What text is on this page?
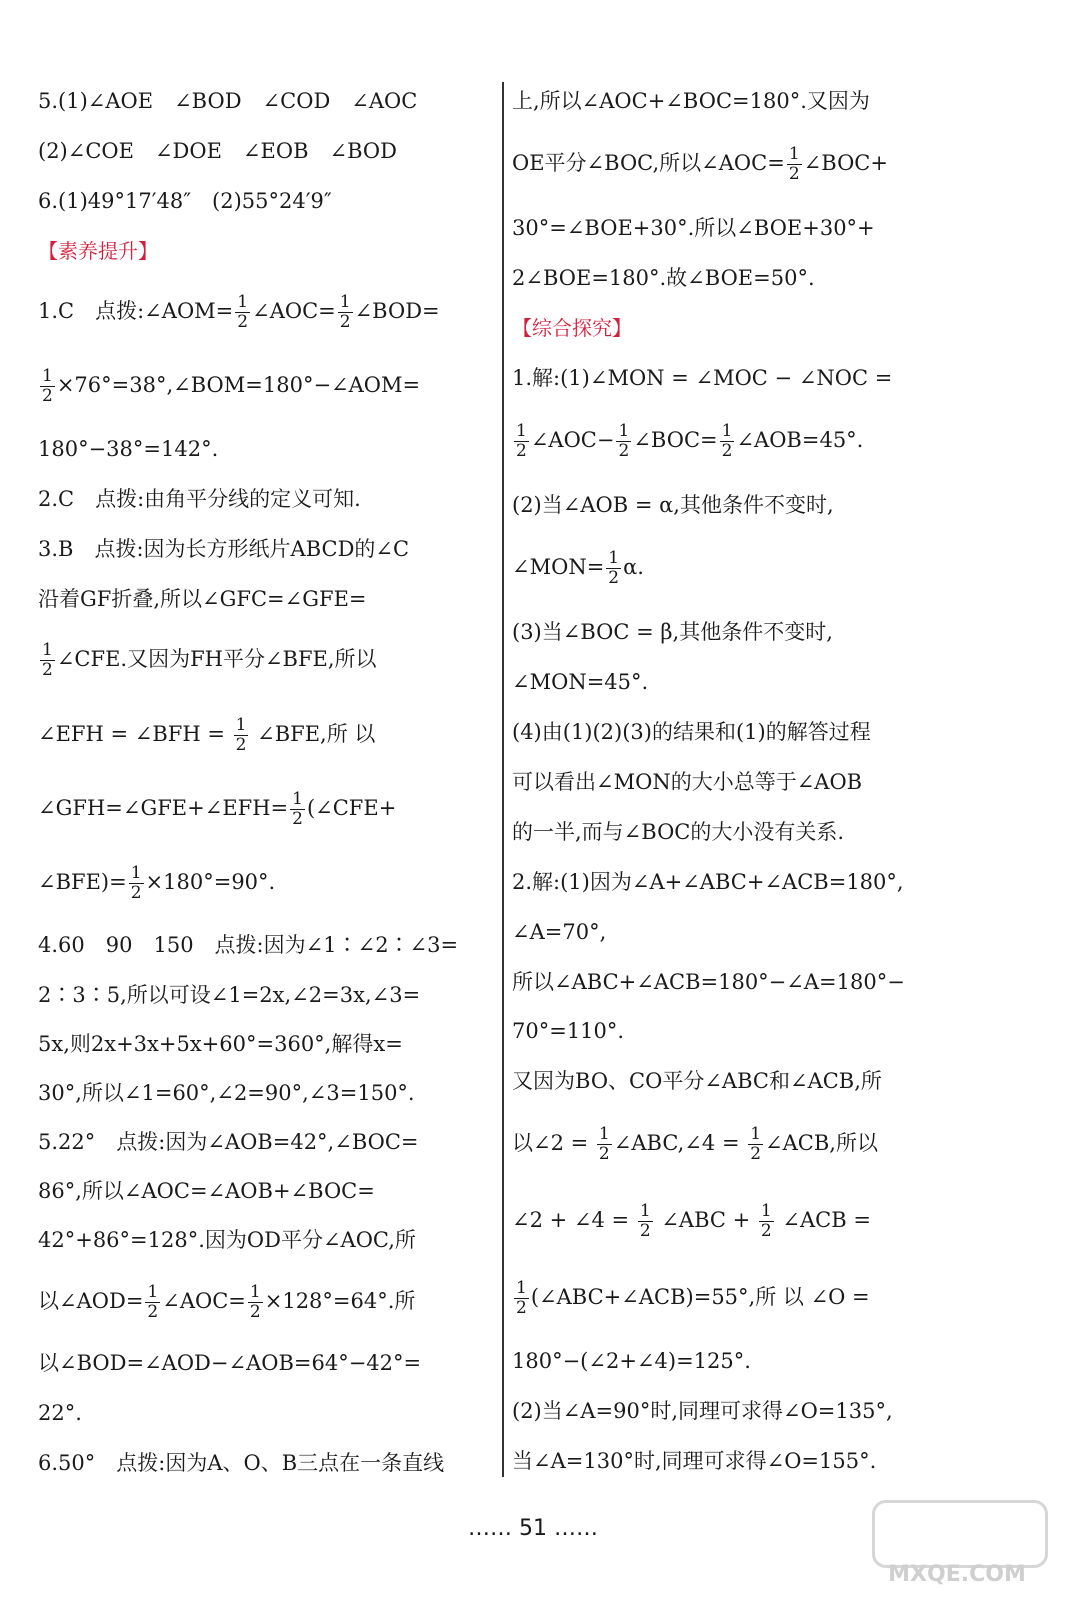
5.(1)∠AOE　∠BOD　∠COD　∠AOC
(2)∠COE　∠DOE　∠EOB　∠BOD
6.(1)49°17′48″　(2)55°24′9″
【素养提升】
1.C　点拨:∠AOM= $\frac{1}{2}$ ∠AOC= $\frac{1}{2}$ ∠BOD=
$\frac{1}{2}$ ×76°=38°,∠BOM=180°−∠AOM=
180°−38°=142°.
2.C　点拨:由角平分线的定义可知.
3.B　点拨:因为长方形纸片ABCD的∠C
沿着GF折叠,所以∠GFC=∠GFE=
$\frac{1}{2}$ ∠CFE.又因为FH平分∠BFE,所以
∠EFH = ∠BFH = $\frac{1}{2}$ ∠BFE,所 以
∠GFH=∠GFE+∠EFH= $\frac{1}{2}$ (∠CFE+
∠BFE)= $\frac{1}{2} \times 180^\circ=90^\circ$.
4.60　90　150　点拨:因为∠1∶∠2∶∠3=
2∶3∶5,所以可设∠1=2x,∠2=3x,∠3=
5x,则2x+3x+5x+60°=360°,解得x=
30°,所以∠1=60°,∠2=90°,∠3=150°.
5.22°　点拨:因为∠AOB=42°,∠BOC=
86°,所以∠AOC=∠AOB+∠BOC=
42°+86°=128°.因为OD平分∠AOC,所
以∠AOD= $\frac{1}{2}$ ∠AOC= $\frac{1}{2} \times 128^\circ=64^\circ$.所
以∠BOD=∠AOD−∠AOB=64°−42°=
22°.
6.50°　点拨:因为A、O、B三点在一条直线
上,所以∠AOC+∠BOC=180°.又因为
OE平分∠BOC,所以∠AOC= $\frac{1}{2}$ ∠BOC+
30°=∠BOE+30°.所以∠BOE+30°+
2∠BOE=180°.故∠BOE=50°.
【综合探究】
1.解:(1)∠MON = ∠MOC − ∠NOC =
$\frac{1}{2}$ ∠AOC− $\frac{1}{2}$ ∠BOC= $\frac{1}{2}$ ∠AOB=45°.
(2)当∠AOB = α,其他条件不变时,
∠MON= $\frac{1}{2} \alpha$.
(3)当∠BOC = β,其他条件不变时,
∠MON=45°.
(4)由(1)(2)(3)的结果和(1)的解答过程
可以看出∠MON的大小总等于∠AOB
的一半,而与∠BOC的大小没有关系.
2.解:(1)因为∠A+∠ABC+∠ACB=180°,
∠A=70°,
所以∠ABC+∠ACB=180°−∠A=180°−
70°=110°.
又因为BO、CO平分∠ABC和∠ACB,所
以∠2 = $\frac{1}{2}$ ∠ABC,∠4 = $\frac{1}{2}$ ∠ACB,所以
∠2 + ∠4 = $\frac{1}{2}$ ∠ABC + $\frac{1}{2}$ ∠ACB =
$\frac{1}{2}$ (∠ABC+∠ACB)=55°,所 以 ∠O =
180°−(∠2+∠4)=125°.
(2)当∠A=90°时,同理可求得∠O=135°,
当∠A=130°时,同理可求得∠O=155°.
…… 51 ……
MXQE.COM
